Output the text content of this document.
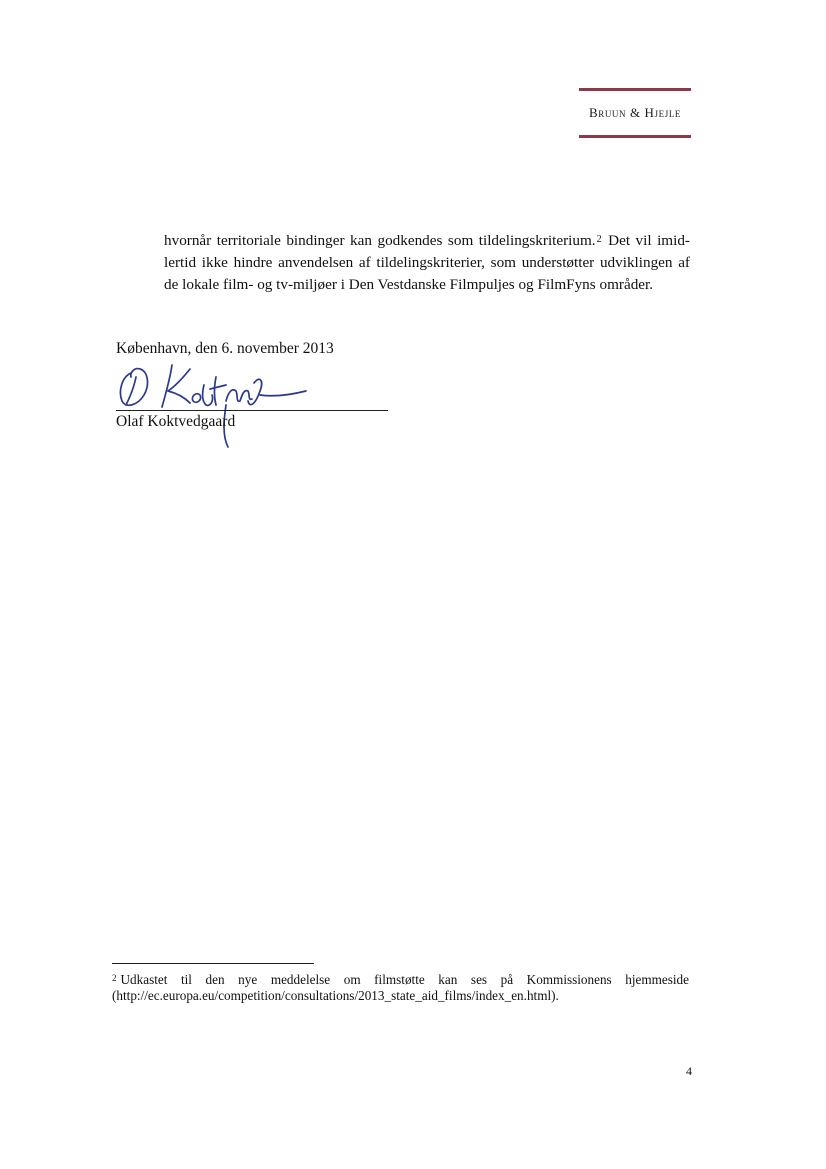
Bruun & Hjejle
hvornår territoriale bindinger kan godkendes som tildelingskriterium.2 Det vil imid-
lertid ikke hindre anvendelsen af tildelingskriterier, som understøtter udviklingen af
de lokale film- og tv-miljøer i Den Vestdanske Filmpuljes og FilmFyns områder.
København, den 6. november 2013
Olaf Koktvedgaard
$^2$ Udkastet til den nye meddelelse om filmstøtte kan ses på Kommissionens hjemmeside
(http://ec.europa.eu/competition/consultations/2013_state_aid_films/index_en.html).
4
